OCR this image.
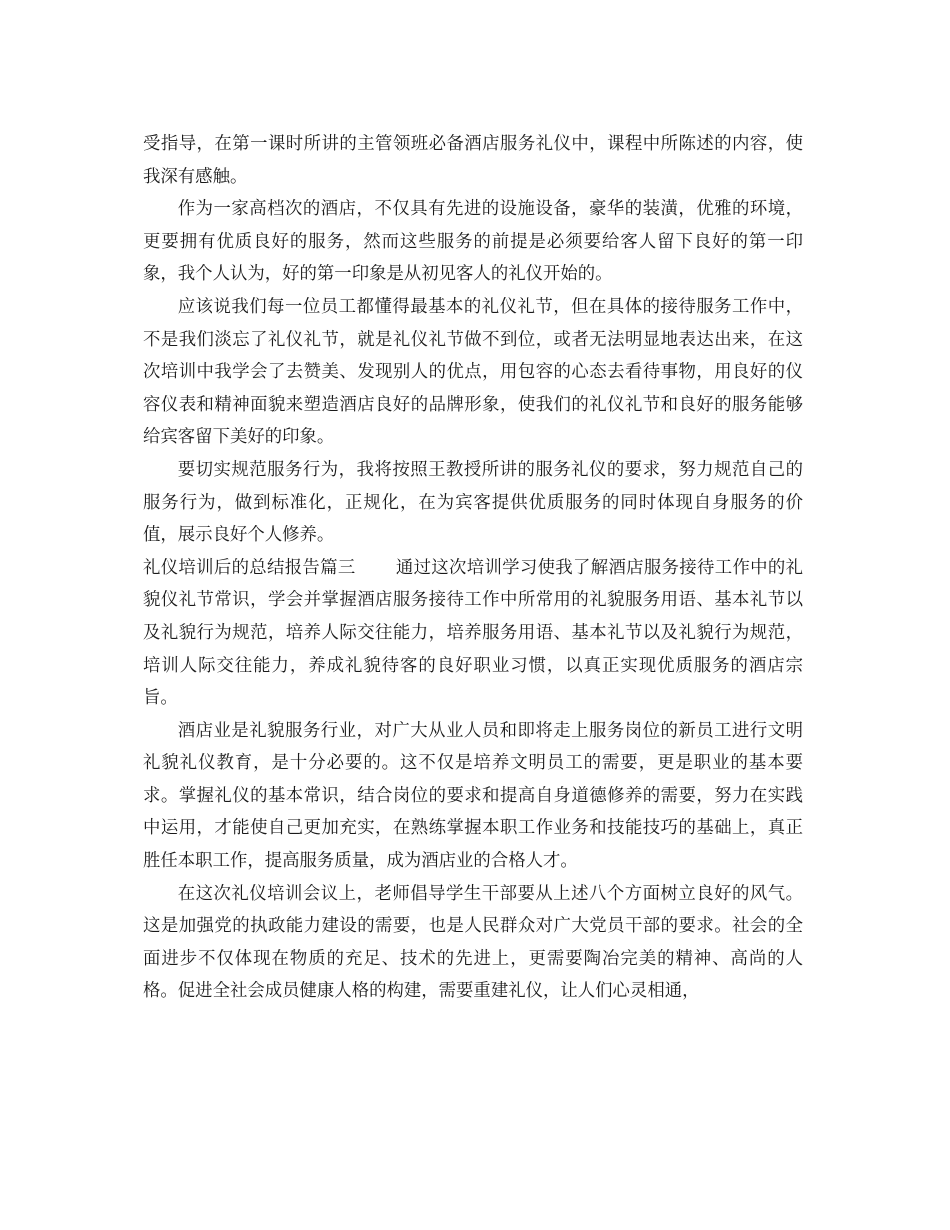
受指导，在第一课时所讲的主管领班必备酒店服务礼仪中，课程中所陈述的内容，使我深有感触。

作为一家高档次的酒店，不仅具有先进的设施设备，豪华的装潢，优雅的环境，更要拥有优质良好的服务，然而这些服务的前提是必须要给客人留下良好的第一印象，我个人认为，好的第一印象是从初见客人的礼仪开始的。

应该说我们每一位员工都懂得最基本的礼仪礼节，但在具体的接待服务工作中，不是我们淡忘了礼仪礼节，就是礼仪礼节做不到位，或者无法明显地表达出来，在这次培训中我学会了去赞美、发现别人的优点，用包容的心态去看待事物，用良好的仪容仪表和精神面貌来塑造酒店良好的品牌形象，使我们的礼仪礼节和良好的服务能够给宾客留下美好的印象。

要切实规范服务行为，我将按照王教授所讲的服务礼仪的要求，努力规范自己的服务行为，做到标准化，正规化，在为宾客提供优质服务的同时体现自身服务的价值，展示良好个人修养。

礼仪培训后的总结报告篇三 通过这次培训学习使我了解酒店服务接待工作中的礼貌仪礼节常识，学会并掌握酒店服务接待工作中所常用的礼貌服务用语、基本礼节以及礼貌行为规范，培养人际交往能力，培养服务用语、基本礼节以及礼貌行为规范，培训人际交往能力，养成礼貌待客的良好职业习惯，以真正实现优质服务的酒店宗旨。

酒店业是礼貌服务行业，对广大从业人员和即将走上服务岗位的新员工进行文明礼貌礼仪教育，是十分必要的。这不仅是培养文明员工的需要，更是职业的基本要求。掌握礼仪的基本常识，结合岗位的要求和提高自身道德修养的需要，努力在实践中运用，才能使自己更加充实，在熟练掌握本职工作业务和技能技巧的基础上，真正胜任本职工作，提高服务质量，成为酒店业的合格人才。

在这次礼仪培训会议上，老师倡导学生干部要从上述八个方面树立良好的风气。这是加强党的执政能力建设的需要，也是人民群众对广大党员干部的要求。社会的全面进步不仅体现在物质的充足、技术的先进上，更需要陶冶完美的精神、高尚的人格。促进全社会成员健康人格的构建，需要重建礼仪，让人们心灵相通，
